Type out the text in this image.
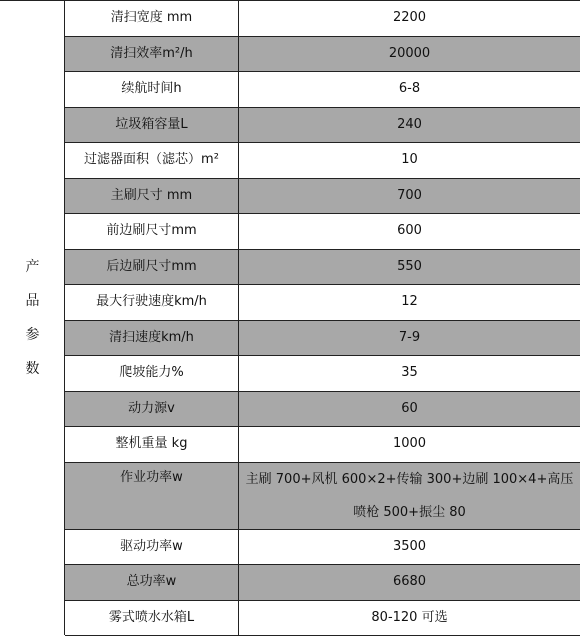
产
品
参
数	清扫宽度 mm	2200
	清扫效率m²/h	20000
	续航时间h	6-8
	垃圾箱容量L	240
	过滤器面积（滤芯）m²	10
	主刷尺寸 mm	700
	前边刷尺寸mm	600
	后边刷尺寸mm	550
	最大行驶速度km/h	12
	清扫速度km/h	7-9
	爬坡能力%	35
	动力源v	60
	整机重量 kg	1000
	作业功率w	主刷 700+风机 600×2+传输 300+边刷 100×4+高压
喷枪 500+振尘 80

	驱动功率w	3500
	总功率w	6680
	雾式喷水水箱L	80-120 可选
